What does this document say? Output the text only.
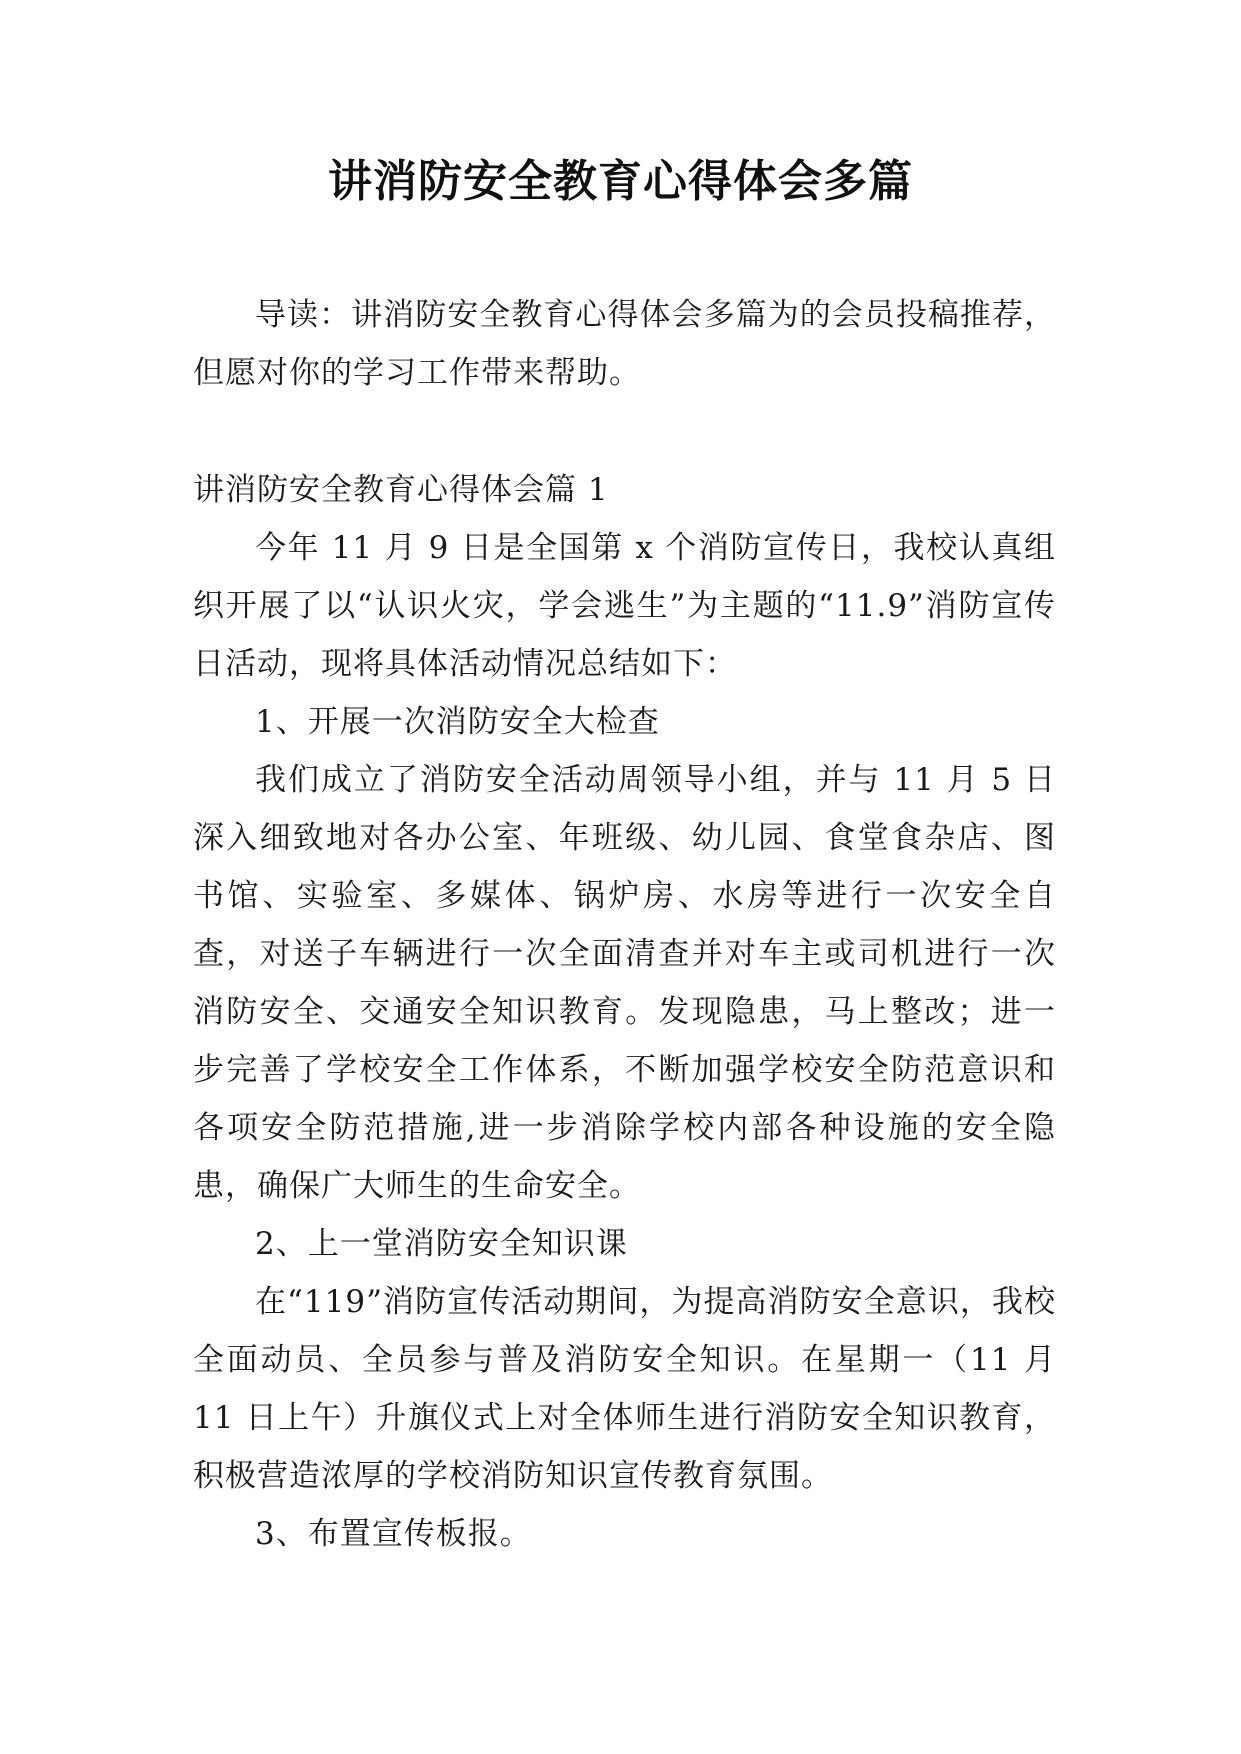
讲消防安全教育心得体会多篇

导读：讲消防安全教育心得体会多篇为的会员投稿推荐，但愿对你的学习工作带来帮助。

讲消防安全教育心得体会篇 1

今年 11 月 9 日是全国第 x 个消防宣传日，我校认真组织开展了以“认识火灾，学会逃生”为主题的“11.9”消防宣传日活动，现将具体活动情况总结如下：

1、开展一次消防安全大检查

我们成立了消防安全活动周领导小组，并与 11 月 5 日深入细致地对各办公室、年班级、幼儿园、食堂食杂店、图书馆、实验室、多媒体、锅炉房、水房等进行一次安全自查，对送子车辆进行一次全面清查并对车主或司机进行一次消防安全、交通安全知识教育。发现隐患，马上整改；进一步完善了学校安全工作体系，不断加强学校安全防范意识和各项安全防范措施,进一步消除学校内部各种设施的安全隐患，确保广大师生的生命安全。

2、上一堂消防安全知识课

在“119”消防宣传活动期间，为提高消防安全意识，我校全面动员、全员参与普及消防安全知识。在星期一（11 月 11 日上午）升旗仪式上对全体师生进行消防安全知识教育，积极营造浓厚的学校消防知识宣传教育氛围。

3、布置宣传板报。
